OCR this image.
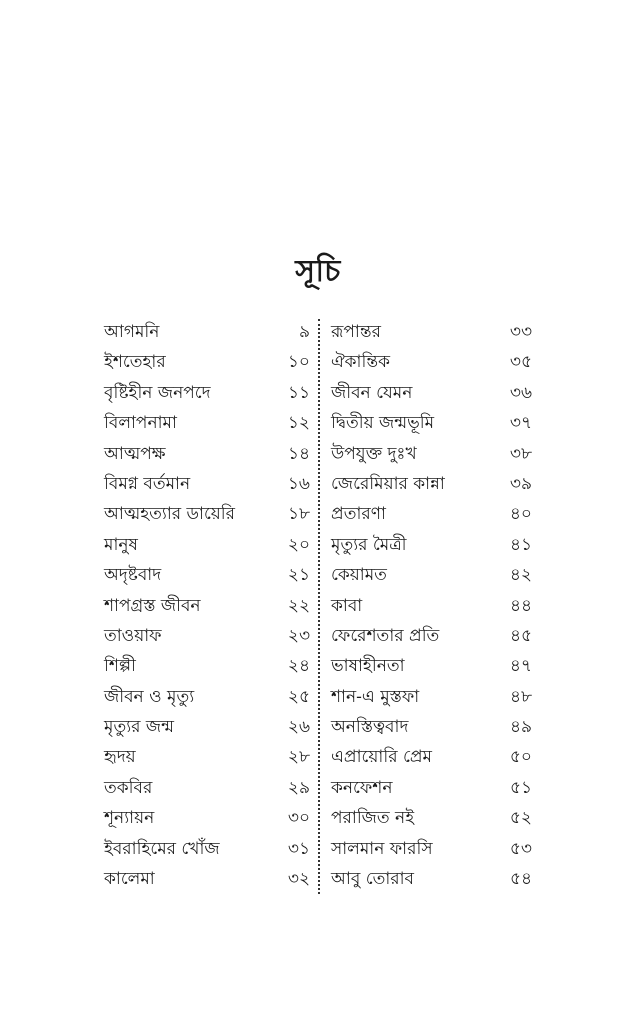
সূচি
আগমনি	৯
ইশতেহার	১০
বৃষ্টিহীন জনপদে	১১
বিলাপনামা	১২
আত্মপক্ষ	১৪
বিমগ্ন বর্তমান	১৬
আত্মহত্যার ডায়েরি	১৮
মানুষ	২০
অদৃষ্টবাদ	২১
শাপগ্রস্ত জীবন	২২
তাওয়াফ	২৩
শিল্পী	২৪
জীবন ও মৃত্যু	২৫
মৃত্যুর জন্ম	২৬
হৃদয়	২৮
তকবির	২৯
শূন্যায়ন	৩০
ইবরাহিমের খোঁজ	৩১
কালেমা	৩২
রূপান্তর	৩৩
ঐকান্তিক	৩৫
জীবন যেমন	৩৬
দ্বিতীয় জন্মভূমি	৩৭
উপযুক্ত দুঃখ	৩৮
জেরেমিয়ার কান্না	৩৯
প্রতারণা	৪০
মৃত্যুর মৈত্রী	৪১
কেয়ামত	৪২
কাবা	৪৪
ফেরেশতার প্রতি	৪৫
ভাষাহীনতা	৪৭
শান-এ মুস্তফা	৪৮
অনস্তিত্ববাদ	৪৯
এপ্রায়োরি প্রেম	৫০
কনফেশন	৫১
পরাজিত নই	৫২
সালমান ফারসি	৫৩
আবু তোরাব	৫৪
